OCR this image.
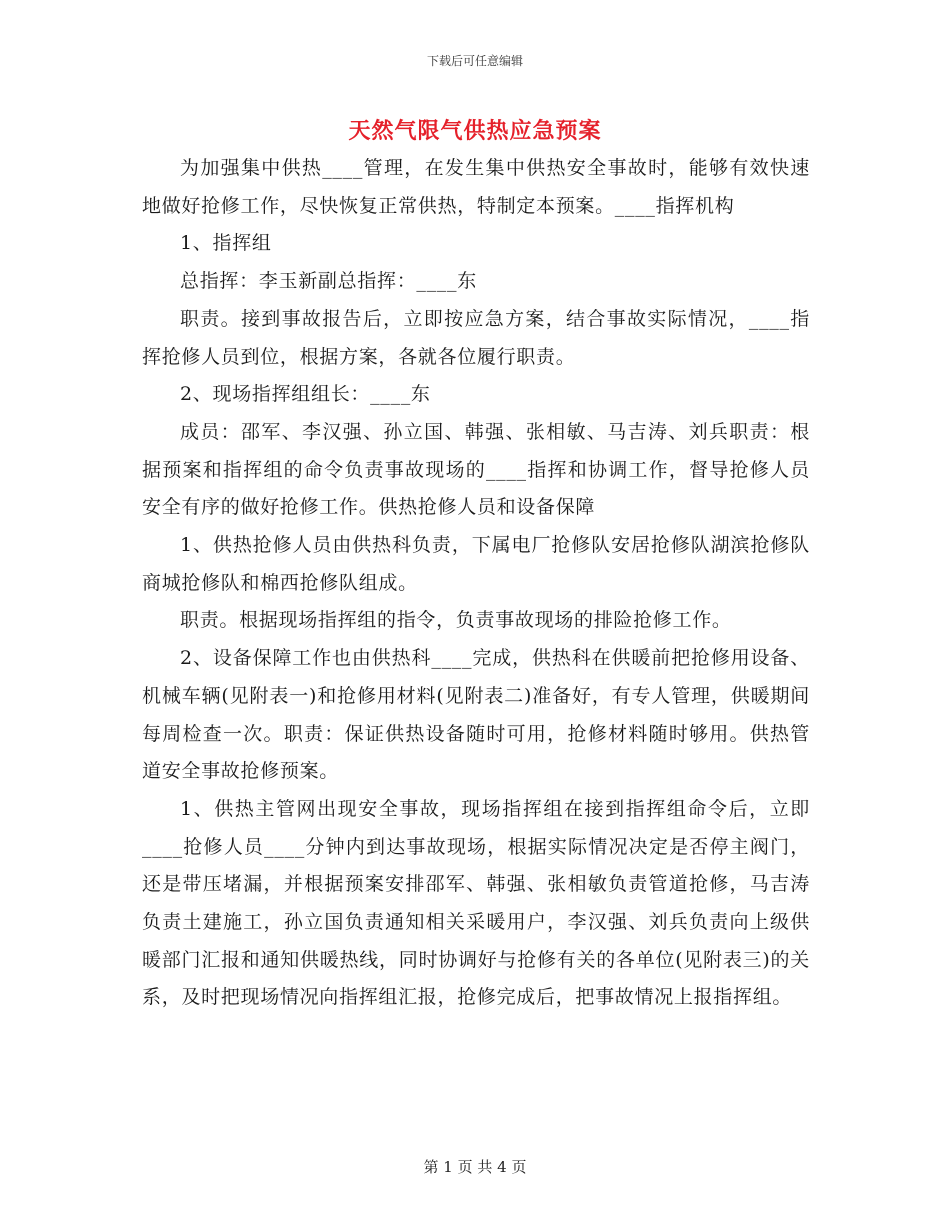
下载后可任意编辑
天然气限气供热应急预案

为加强集中供热____管理，在发生集中供热安全事故时，能够有效快速地做好抢修工作，尽快恢复正常供热，特制定本预案。____指挥机构

1、指挥组

总指挥：李玉新副总指挥：____东

职责。接到事故报告后，立即按应急方案，结合事故实际情况，____指挥抢修人员到位，根据方案，各就各位履行职责。

2、现场指挥组组长：____东

成员：邵军、李汉强、孙立国、韩强、张相敏、马吉涛、刘兵职责：根据预案和指挥组的命令负责事故现场的____指挥和协调工作，督导抢修人员安全有序的做好抢修工作。供热抢修人员和设备保障

1、供热抢修人员由供热科负责，下属电厂抢修队安居抢修队湖滨抢修队商城抢修队和棉西抢修队组成。

职责。根据现场指挥组的指令，负责事故现场的排险抢修工作。

2、设备保障工作也由供热科____完成，供热科在供暖前把抢修用设备、机械车辆(见附表一)和抢修用材料(见附表二)准备好，有专人管理，供暖期间每周检查一次。职责：保证供热设备随时可用，抢修材料随时够用。供热管道安全事故抢修预案。

1、供热主管网出现安全事故，现场指挥组在接到指挥组命令后，立即____抢修人员____分钟内到达事故现场，根据实际情况决定是否停主阀门，还是带压堵漏，并根据预案安排邵军、韩强、张相敏负责管道抢修，马吉涛负责土建施工，孙立国负责通知相关采暖用户，李汉强、刘兵负责向上级供暖部门汇报和通知供暖热线，同时协调好与抢修有关的各单位(见附表三)的关系，及时把现场情况向指挥组汇报，抢修完成后，把事故情况上报指挥组。

第 1 页 共 4 页
